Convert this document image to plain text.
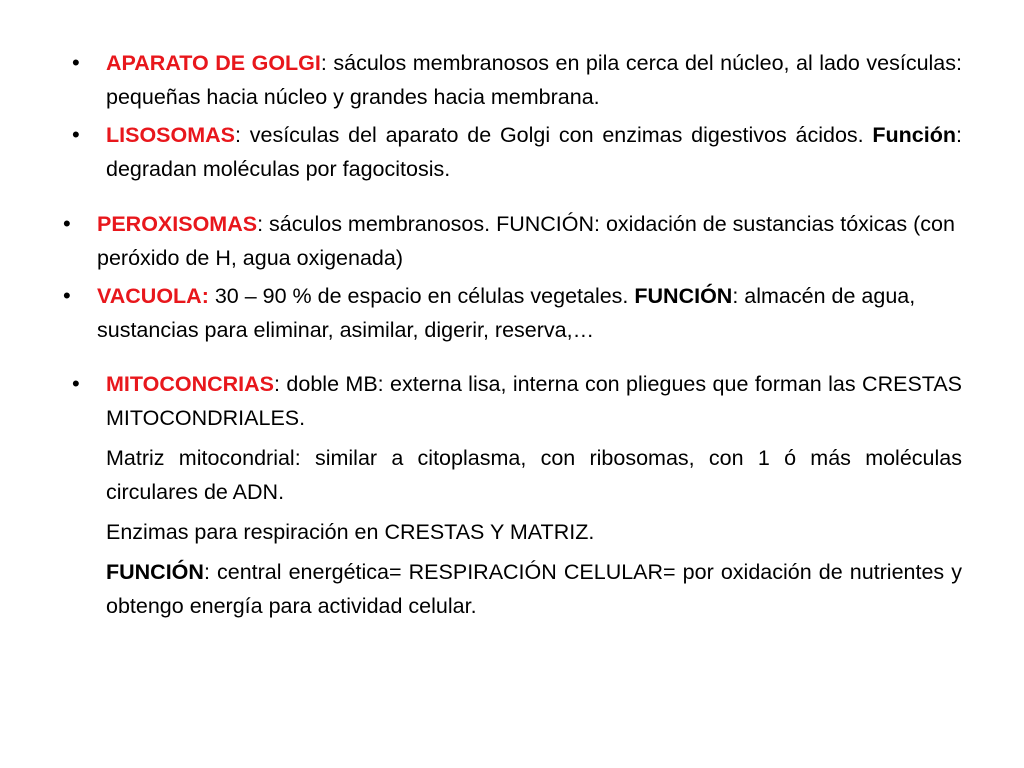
• APARATO DE GOLGI: sáculos membranosos en pila cerca del núcleo, al lado vesículas: pequeñas hacia núcleo y grandes hacia membrana.

• LISOSOMAS: vesículas del aparato de Golgi con enzimas digestivos ácidos. Función: degradan moléculas por fagocitosis.

• PEROXISOMAS: sáculos membranosos. FUNCIÓN: oxidación de sustancias tóxicas (con peróxido de H, agua oxigenada)

• VACUOLA: 30 – 90 % de espacio en células vegetales. FUNCIÓN: almacén de agua, sustancias para eliminar, asimilar, digerir, reserva,…

• MITOCONCRIAS: doble MB: externa lisa, interna con pliegues que forman las CRESTAS MITOCONDRIALES.

Matriz mitocondrial: similar a citoplasma, con ribosomas, con 1 ó más moléculas circulares de ADN.

Enzimas para respiración en CRESTAS Y MATRIZ.

FUNCIÓN: central energética= RESPIRACIÓN CELULAR= por oxidación de nutrientes y obtengo energía para actividad celular.
